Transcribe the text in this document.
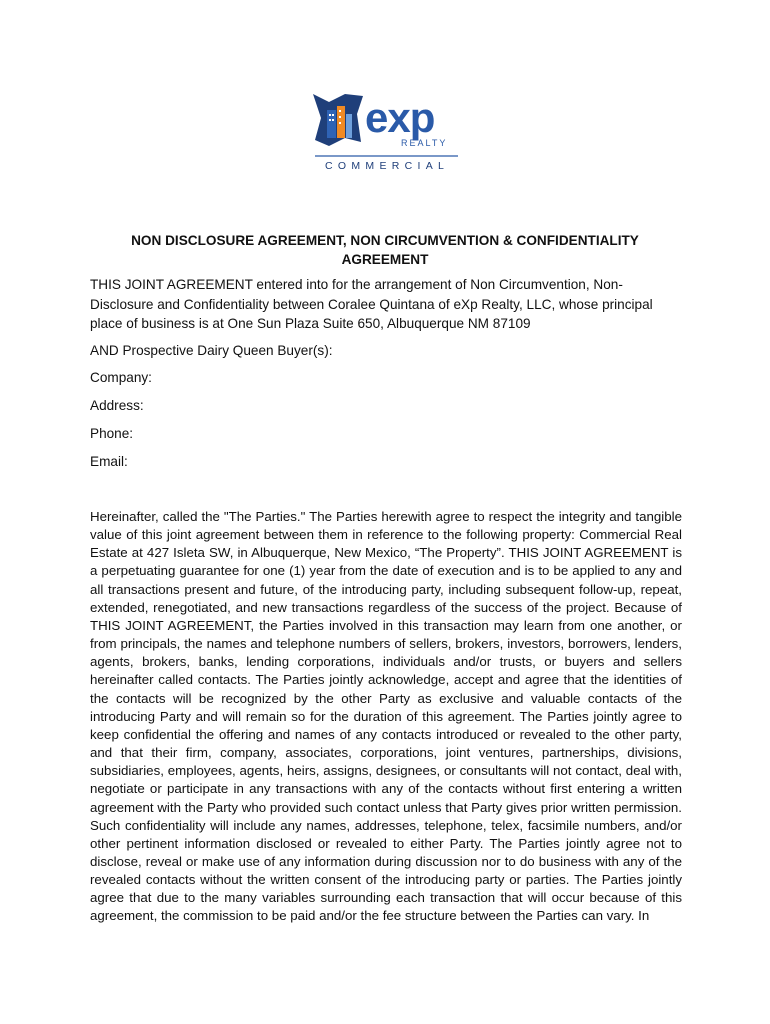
exp
REALTY
COMMERCIAL
NON DISCLOSURE AGREEMENT, NON CIRCUMVENTION & CONFIDENTIALITY
AGREEMENT
THIS JOINT AGREEMENT entered into for the arrangement of Non Circumvention, Non-Disclosure and Confidentiality between Coralee Quintana of eXp Realty, LLC, whose principal place of business is at One Sun Plaza Suite 650, Albuquerque NM 87109
AND Prospective Dairy Queen Buyer(s):
Company:
Address:
Phone:
Email:
Hereinafter, called the "The Parties." The Parties herewith agree to respect the integrity and tangible value of this joint agreement between them in reference to the following property: Commercial Real Estate at 427 Isleta SW, in Albuquerque, New Mexico, “The Property”. THIS JOINT AGREEMENT is a perpetuating guarantee for one (1) year from the date of execution and is to be applied to any and all transactions present and future, of the introducing party, including subsequent follow-up, repeat, extended, renegotiated, and new transactions regardless of the success of the project. Because of THIS JOINT AGREEMENT, the Parties involved in this transaction may learn from one another, or from principals, the names and telephone numbers of sellers, brokers, investors, borrowers, lenders, agents, brokers, banks, lending corporations, individuals and/or trusts, or buyers and sellers hereinafter called contacts. The Parties jointly acknowledge, accept and agree that the identities of the contacts will be recognized by the other Party as exclusive and valuable contacts of the introducing Party and will remain so for the duration of this agreement. The Parties jointly agree to keep confidential the offering and names of any contacts introduced or revealed to the other party, and that their firm, company, associates, corporations, joint ventures, partnerships, divisions, subsidiaries, employees, agents, heirs, assigns, designees, or consultants will not contact, deal with, negotiate or participate in any transactions with any of the contacts without first entering a written agreement with the Party who provided such contact unless that Party gives prior written permission. Such confidentiality will include any names, addresses, telephone, telex, facsimile numbers, and/or other pertinent information disclosed or revealed to either Party. The Parties jointly agree not to disclose, reveal or make use of any information during discussion nor to do business with any of the revealed contacts without the written consent of the introducing party or parties. The Parties jointly agree that due to the many variables surrounding each transaction that will occur because of this agreement, the commission to be paid and/or the fee structure between the Parties can vary. In
